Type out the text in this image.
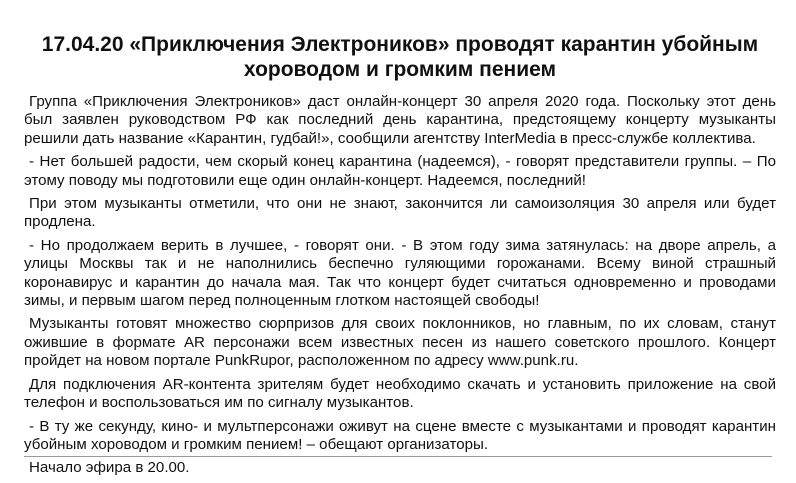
17.04.20 «Приключения Электроников» проводят карантин убойным хороводом и громким пением

Группа «Приключения Электроников» даст онлайн-концерт 30 апреля 2020 года. Поскольку этот день был заявлен руководством РФ как последний день карантина, предстоящему концерту музыканты решили дать название «Карантин, гудбай!», сообщили агентству InterMedia в пресс-службе коллектива.

- Нет большей радости, чем скорый конец карантина (надеемся), - говорят представители группы. – По этому поводу мы подготовили еще один онлайн-концерт. Надеемся, последний!

При этом музыканты отметили, что они не знают, закончится ли самоизоляция 30 апреля или будет продлена.

- Но продолжаем верить в лучшее, - говорят они. - В этом году зима затянулась: на дворе апрель, а улицы Москвы так и не наполнились беспечно гуляющими горожанами. Всему виной страшный коронавирус и карантин до начала мая. Так что концерт будет считаться одновременно и проводами зимы, и первым шагом перед полноценным глотком настоящей свободы!

Музыканты готовят множество сюрпризов для своих поклонников, но главным, по их словам, станут ожившие в формате AR персонажи всем известных песен из нашего советского прошлого. Концерт пройдет на новом портале PunkRupor, расположенном по адресу www.punk.ru.

Для подключения AR-контента зрителям будет необходимо скачать и установить приложение на свой телефон и воспользоваться им по сигналу музыкантов.

- В ту же секунду, кино- и мультперсонажи оживут на сцене вместе с музыкантами и проводят карантин убойным хороводом и громким пением! – обещают организаторы.

Начало эфира в 20.00.
